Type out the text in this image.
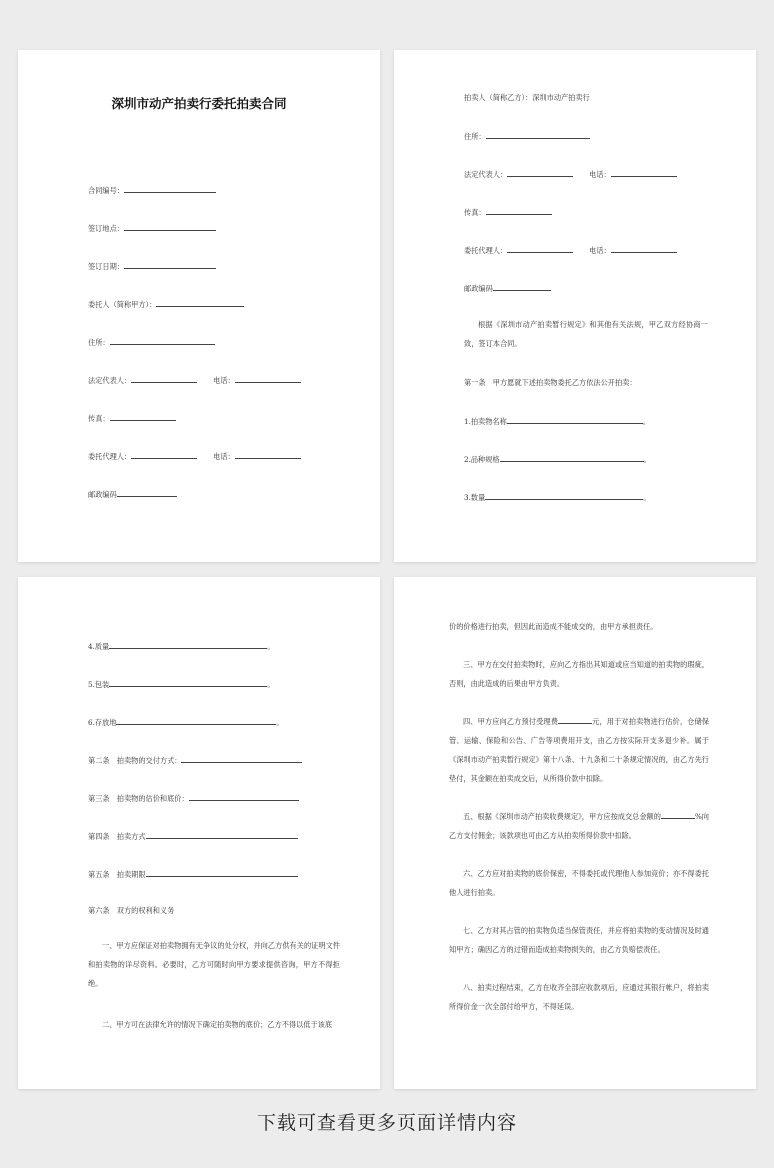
深圳市动产拍卖行委托拍卖合同
合同编号：
签订地点：
签订日期：
委托人（简称甲方）：
住所：
法定代表人：	电话：
传真：
委托代理人：	电话：
邮政编码
拍卖人（简称乙方）：深圳市动产拍卖行
住所：
法定代表人：	电话：
传真：
委托代理人：	电话：
邮政编码
根据《深圳市动产拍卖暂行规定》和其他有关法规，甲乙双方经协商一致，签订本合同。
第一条　甲方愿就下述拍卖物委托乙方依法公开拍卖：
1.拍卖物名称	。
2.品种规格	。
3.数量	。
4.质量	。
5.包装	。
6.存放地	。
第二条　拍卖物的交付方式：
第三条　拍卖物的估价和底价：
第四条　拍卖方式
第五条　拍卖期限
第六条　双方的权利和义务
一、甲方应保证对拍卖物拥有无争议的处分权，并向乙方供有关的证明文件和拍卖物的详尽资料。必要时，乙方可随时向甲方要求提供咨询，甲方不得拒绝。
二、甲方可在法律允许的情况下确定拍卖物的底价；乙方不得以低于该底
价的价格进行拍卖，但因此而造成不能成交的，由甲方承担责任。
三、甲方在交付拍卖物时，应向乙方指出其知道或应当知道的拍卖物的瑕疵，否则，由此造成的后果由甲方负责。
四、甲方应向乙方预付受理费	元，用于对拍卖物进行估价，仓储保管、运输、保险和公告、广告等项费用开支，由乙方按实际开支多退少补。属于《深圳市动产拍卖暂行规定》第十八条、十九条和二十条规定情况的，由乙方先行垫付，其金额在拍卖成交后，从所得价款中扣除。
五、根据《深圳市动产拍卖收费规定》，甲方应按成交总金额的	%向乙方支付佣金；该款项也可由乙方从拍卖所得价款中扣除。
六、乙方应对拍卖物的底价保密，不得委托或代理他人参加竞价；亦不得委托他人进行拍卖。
七、乙方对其占管的拍卖物负适当保管责任，并应将拍卖物的变动情况及时通知甲方；确因乙方的过错而造成拍卖物损失的，由乙方负赔偿责任。
八、拍卖过程结束，乙方在收齐全部应收款项后，应通过其银行帐户，将拍卖所得价金一次全部付给甲方，不得延误。
下载可查看更多页面详情内容
